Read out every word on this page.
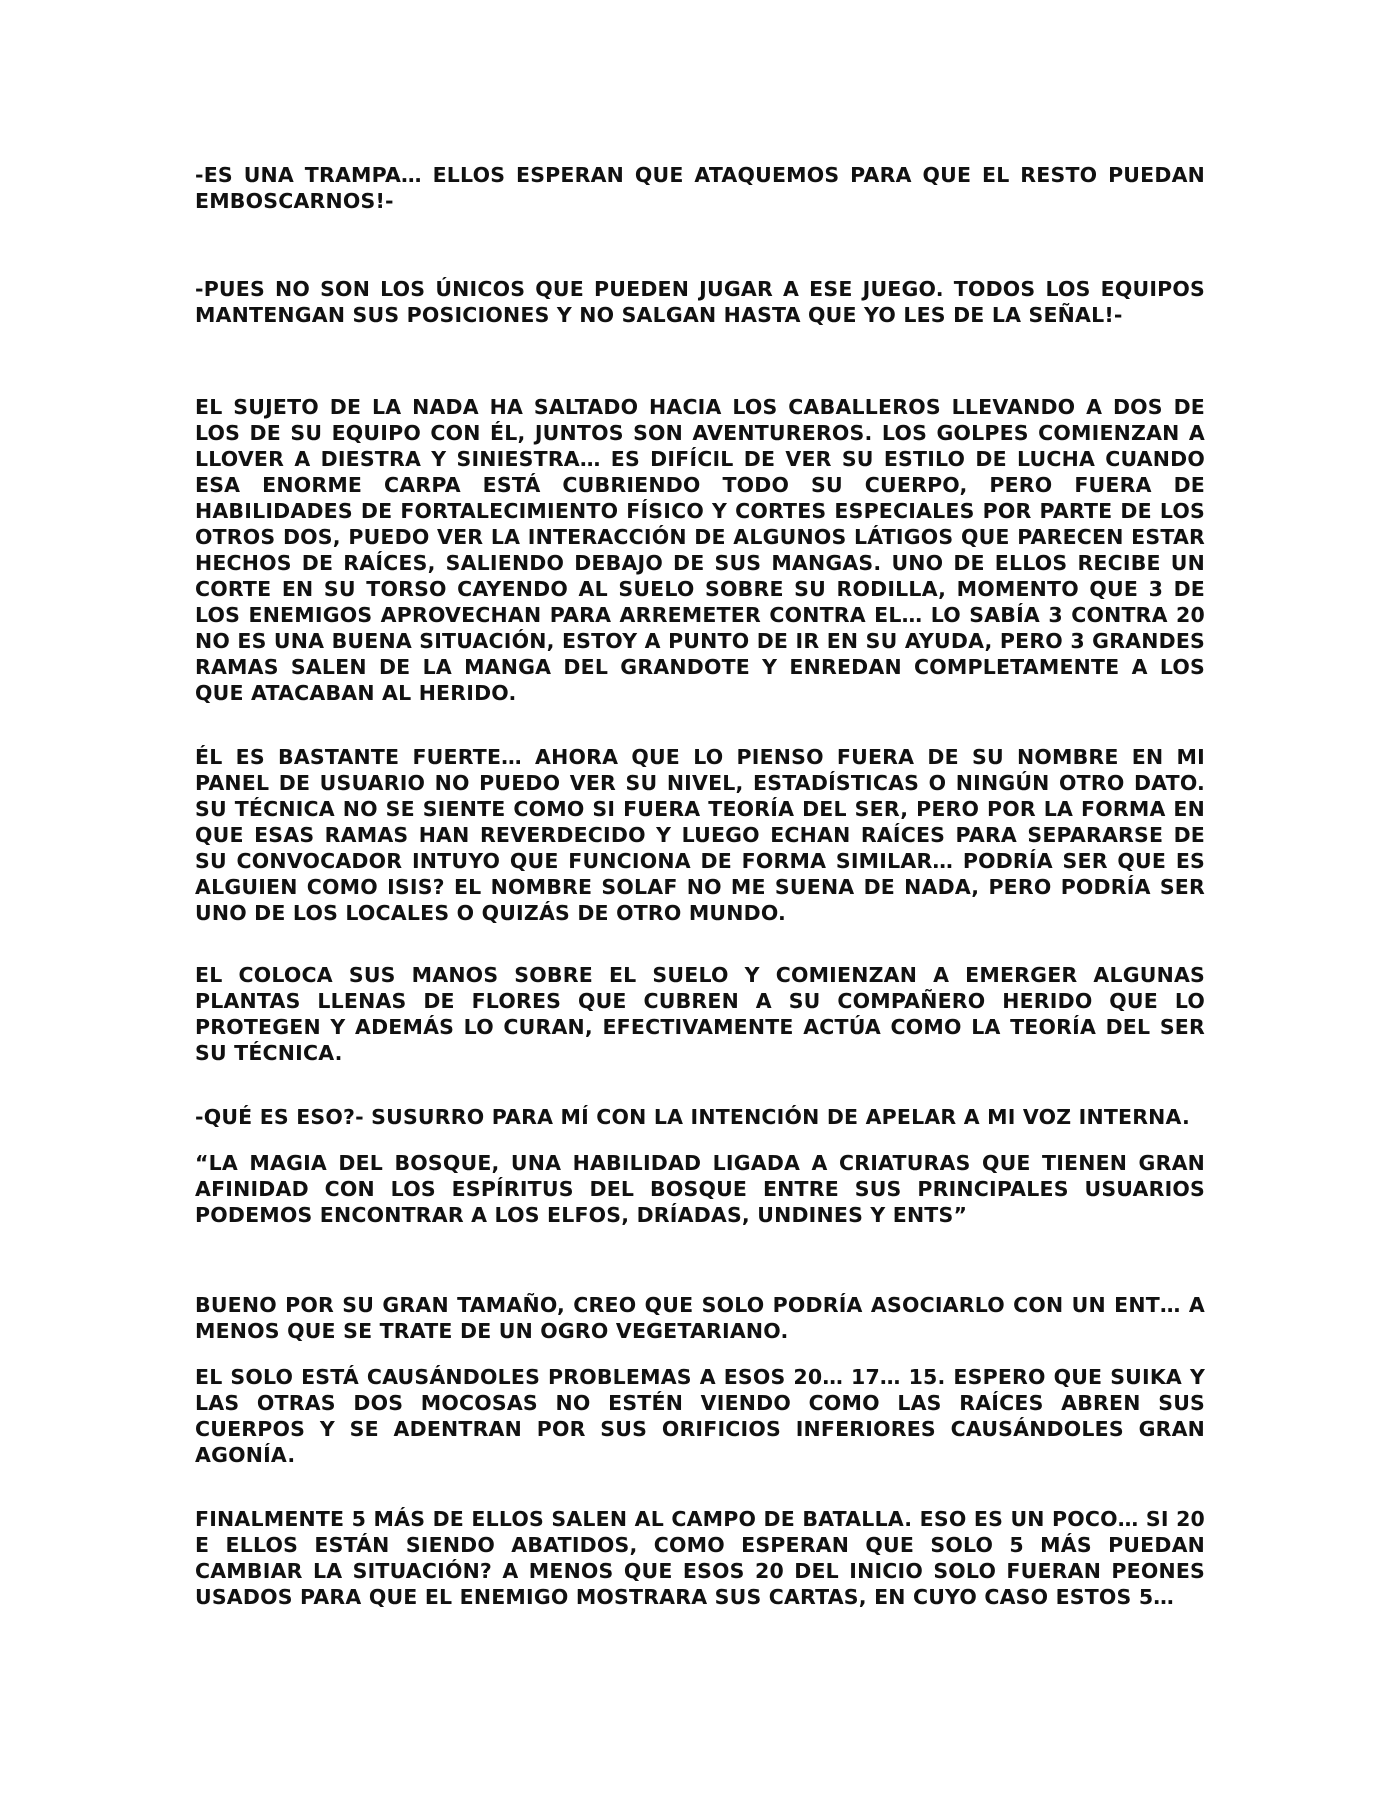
-ES UNA TRAMPA… ELLOS ESPERAN QUE ATAQUEMOS PARA QUE EL RESTO PUEDAN EMBOSCARNOS!-

-PUES NO SON LOS ÚNICOS QUE PUEDEN JUGAR A ESE JUEGO. TODOS LOS EQUIPOS MANTENGAN SUS POSICIONES Y NO SALGAN HASTA QUE YO LES DE LA SEÑAL!-

EL SUJETO DE LA NADA HA SALTADO HACIA LOS CABALLEROS LLEVANDO A DOS DE LOS DE SU EQUIPO CON ÉL, JUNTOS SON AVENTUREROS. LOS GOLPES COMIENZAN A LLOVER A DIESTRA Y SINIESTRA… ES DIFÍCIL DE VER SU ESTILO DE LUCHA CUANDO ESA ENORME CARPA ESTÁ CUBRIENDO TODO SU CUERPO, PERO FUERA DE HABILIDADES DE FORTALECIMIENTO FÍSICO Y CORTES ESPECIALES POR PARTE DE LOS OTROS DOS, PUEDO VER LA INTERACCIÓN DE ALGUNOS LÁTIGOS QUE PARECEN ESTAR HECHOS DE RAÍCES, SALIENDO DEBAJO DE SUS MANGAS. UNO DE ELLOS RECIBE UN CORTE EN SU TORSO CAYENDO AL SUELO SOBRE SU RODILLA, MOMENTO QUE 3 DE LOS ENEMIGOS APROVECHAN PARA ARREMETER CONTRA EL… LO SABÍA 3 CONTRA 20 NO ES UNA BUENA SITUACIÓN, ESTOY A PUNTO DE IR EN SU AYUDA, PERO 3 GRANDES RAMAS SALEN DE LA MANGA DEL GRANDOTE Y ENREDAN COMPLETAMENTE A LOS QUE ATACABAN AL HERIDO.

ÉL ES BASTANTE FUERTE… AHORA QUE LO PIENSO FUERA DE SU NOMBRE EN MI PANEL DE USUARIO NO PUEDO VER SU NIVEL, ESTADÍSTICAS O NINGÚN OTRO DATO. SU TÉCNICA NO SE SIENTE COMO SI FUERA TEORÍA DEL SER, PERO POR LA FORMA EN QUE ESAS RAMAS HAN REVERDECIDO Y LUEGO ECHAN RAÍCES PARA SEPARARSE DE SU CONVOCADOR INTUYO QUE FUNCIONA DE FORMA SIMILAR… PODRÍA SER QUE ES ALGUIEN COMO ISIS? EL NOMBRE SOLAF NO ME SUENA DE NADA, PERO PODRÍA SER UNO DE LOS LOCALES O QUIZÁS DE OTRO MUNDO.

EL COLOCA SUS MANOS SOBRE EL SUELO Y COMIENZAN A EMERGER ALGUNAS PLANTAS LLENAS DE FLORES QUE CUBREN A SU COMPAÑERO HERIDO QUE LO PROTEGEN Y ADEMÁS LO CURAN, EFECTIVAMENTE ACTÚA COMO LA TEORÍA DEL SER SU TÉCNICA.

-QUÉ ES ESO?- SUSURRO PARA MÍ CON LA INTENCIÓN DE APELAR A MI VOZ INTERNA.

“LA MAGIA DEL BOSQUE, UNA HABILIDAD LIGADA A CRIATURAS QUE TIENEN GRAN AFINIDAD CON LOS ESPÍRITUS DEL BOSQUE ENTRE SUS PRINCIPALES USUARIOS PODEMOS ENCONTRAR A LOS ELFOS, DRÍADAS, UNDINES Y ENTS”

BUENO POR SU GRAN TAMAÑO, CREO QUE SOLO PODRÍA ASOCIARLO CON UN ENT… A MENOS QUE SE TRATE DE UN OGRO VEGETARIANO.

EL SOLO ESTÁ CAUSÁNDOLES PROBLEMAS A ESOS 20… 17… 15. ESPERO QUE SUIKA Y LAS OTRAS DOS MOCOSAS NO ESTÉN VIENDO COMO LAS RAÍCES ABREN SUS CUERPOS Y SE ADENTRAN POR SUS ORIFICIOS INFERIORES CAUSÁNDOLES GRAN AGONÍA.

FINALMENTE 5 MÁS DE ELLOS SALEN AL CAMPO DE BATALLA. ESO ES UN POCO… SI 20 E ELLOS ESTÁN SIENDO ABATIDOS, COMO ESPERAN QUE SOLO 5 MÁS PUEDAN CAMBIAR LA SITUACIÓN? A MENOS QUE ESOS 20 DEL INICIO SOLO FUERAN PEONES USADOS PARA QUE EL ENEMIGO MOSTRARA SUS CARTAS, EN CUYO CASO ESTOS 5…
